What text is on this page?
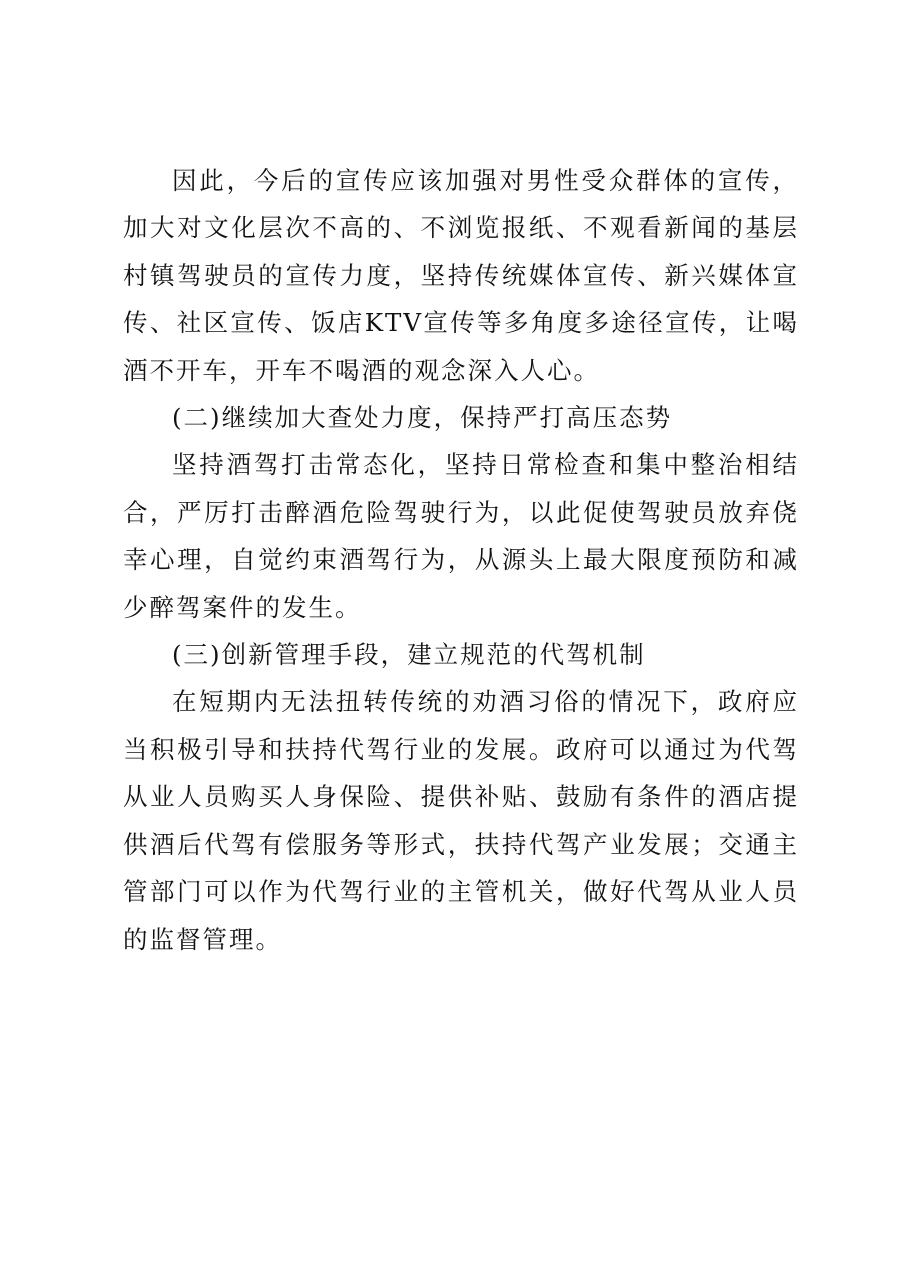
因此，今后的宣传应该加强对男性受众群体的宣传，加大对文化层次不高的、不浏览报纸、不观看新闻的基层村镇驾驶员的宣传力度，坚持传统媒体宣传、新兴媒体宣传、社区宣传、饭店KTV宣传等多角度多途径宣传，让喝酒不开车，开车不喝酒的观念深入人心。

(二)继续加大查处力度，保持严打高压态势

坚持酒驾打击常态化，坚持日常检查和集中整治相结合，严厉打击醉酒危险驾驶行为，以此促使驾驶员放弃侥幸心理，自觉约束酒驾行为，从源头上最大限度预防和减少醉驾案件的发生。

(三)创新管理手段，建立规范的代驾机制

在短期内无法扭转传统的劝酒习俗的情况下，政府应当积极引导和扶持代驾行业的发展。政府可以通过为代驾从业人员购买人身保险、提供补贴、鼓励有条件的酒店提供酒后代驾有偿服务等形式，扶持代驾产业发展；交通主管部门可以作为代驾行业的主管机关，做好代驾从业人员的监督管理。
